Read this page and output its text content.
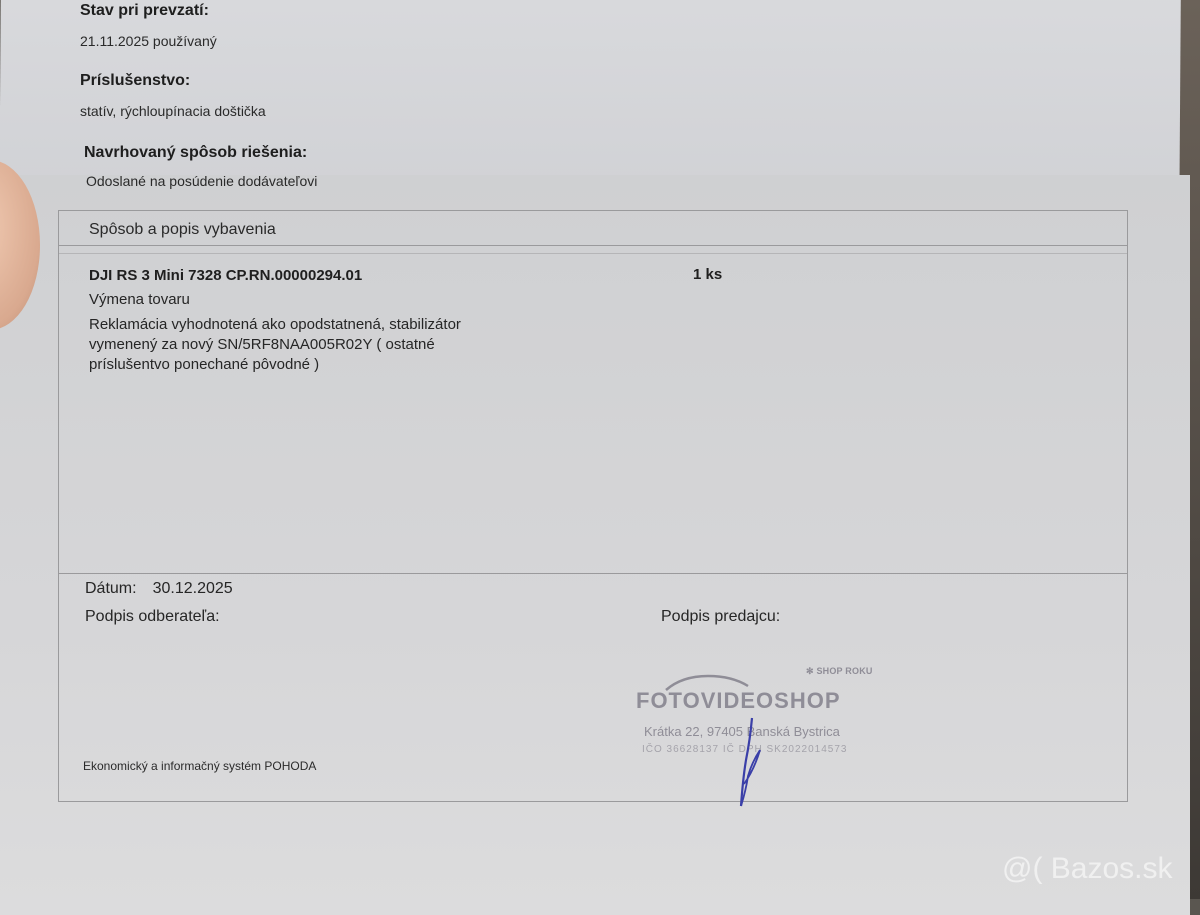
Stav pri prevzatí:
21.11.2025 používaný
Príslušenstvo:
statív, rýchloupínacia doštička
Navrhovaný spôsob riešenia:
Odoslané na posúdenie dodávateľovi
Spôsob a popis vybavenia
DJI RS 3 Mini 7328 CP.RN.00000294.01	1 ks
Výmena tovaru
Reklamácia vyhodnotená ako opodstatnená, stabilizátor
vymenený za nový SN/5RF8NAA005R02Y ( ostatné
príslušentvo ponechané pôvodné )
Dátum: 30.12.2025
Podpis odberateľa:	Podpis predajcu:
Ekonomický a informačný systém POHODA
✻ SHOP ROKU
FOTOVIDEOSHOP
Krátka 22, 97405 Banská Bystrica
IČO 36628137 IČ DPH SK2022014573
@( Bazos.sk
